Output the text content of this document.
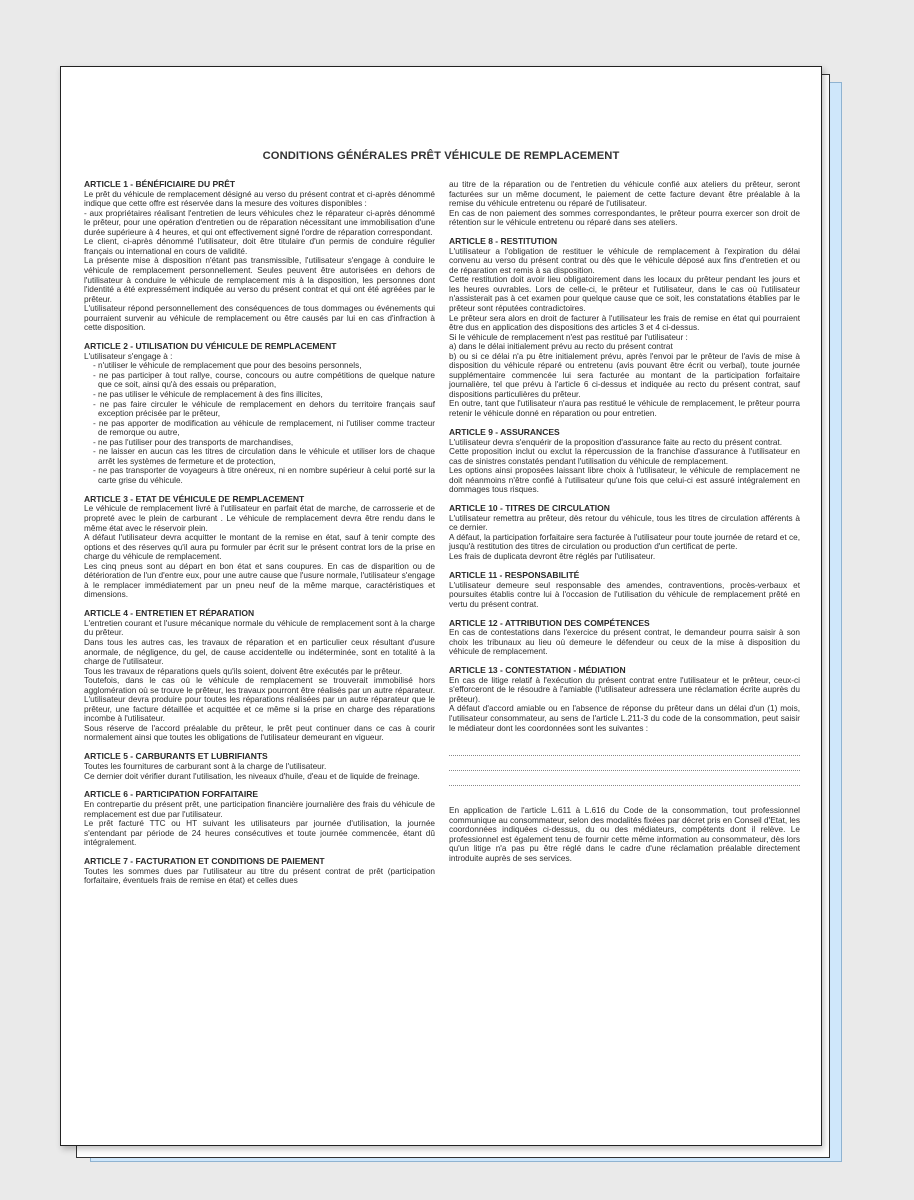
CONDITIONS GÉNÉRALES PRÊT VÉHICULE DE REMPLACEMENT
ARTICLE 1 - BÉNÉFICIAIRE DU PRÊT

Le prêt du véhicule de remplacement désigné au verso du présent contrat et ci-après dénommé indique que cette offre est réservée dans la mesure des voitures disponibles :

- aux propriétaires réalisant l'entretien de leurs véhicules chez le réparateur ci-après dénommé le prêteur, pour une opération d'entretien ou de réparation nécessitant une immobilisation d'une durée supérieure à 4 heures, et qui ont effectivement signé l'ordre de réparation correspondant.

Le client, ci-après dénommé l'utilisateur, doit être titulaire d'un permis de conduire régulier français ou international en cours de validité.

La présente mise à disposition n'étant pas transmissible, l'utilisateur s'engage à conduire le véhicule de remplacement personnellement. Seules peuvent être autorisées en dehors de l'utilisateur à conduire le véhicule de remplacement mis à la disposition, les personnes dont l'identité a été expressément indiquée au verso du présent contrat et qui ont été agréées par le prêteur.

L'utilisateur répond personnellement des conséquences de tous dommages ou événements qui pourraient survenir au véhicule de remplacement ou être causés par lui en cas d'infraction à cette disposition.

ARTICLE 2 - UTILISATION DU VÉHICULE DE REMPLACEMENT

L'utilisateur s'engage à :

- n'utiliser le véhicule de remplacement que pour des besoins personnels,
- ne pas participer à tout rallye, course, concours ou autre compétitions de quelque nature que ce soit, ainsi qu'à des essais ou préparation,
- ne pas utiliser le véhicule de remplacement à des fins illicites,
- ne pas faire circuler le véhicule de remplacement en dehors du territoire français sauf exception précisée par le prêteur,
- ne pas apporter de modification au véhicule de remplacement, ni l'utiliser comme tracteur de remorque ou autre,
- ne pas l'utiliser pour des transports de marchandises,
- ne laisser en aucun cas les titres de circulation dans le véhicule et utiliser lors de chaque arrêt les systèmes de fermeture et de protection,
- ne pas transporter de voyageurs à titre onéreux, ni en nombre supérieur à celui porté sur la carte grise du véhicule.
ARTICLE 3 - ETAT DE VÉHICULE DE REMPLACEMENT

Le véhicule de remplacement livré à l'utilisateur en parfait état de marche, de carrosserie et de propreté avec le plein de carburant . Le véhicule de remplacement devra être rendu dans le même état avec le réservoir plein.

A défaut l'utilisateur devra acquitter le montant de la remise en état, sauf à tenir compte des options et des réserves qu'il aura pu formuler par écrit sur le présent contrat lors de la prise en charge du véhicule de remplacement.

Les cinq pneus sont au départ en bon état et sans coupures. En cas de disparition ou de détérioration de l'un d'entre eux, pour une autre cause que l'usure normale, l'utilisateur s'engage à le remplacer immédiatement par un pneu neuf de la même marque, caractéristiques et dimensions.

ARTICLE 4 - ENTRETIEN ET RÉPARATION

L'entretien courant et l'usure mécanique normale du véhicule de remplacement sont à la charge du prêteur.

Dans tous les autres cas, les travaux de réparation et en particulier ceux résultant d'usure anormale, de négligence, du gel, de cause accidentelle ou indéterminée, sont en totalité à la charge de l'utilisateur.

Tous les travaux de réparations quels qu'ils soient, doivent être exécutés par le prêteur.

Toutefois, dans le cas où le véhicule de remplacement se trouverait immobilisé hors agglomération où se trouve le prêteur, les travaux pourront être réalisés par un autre réparateur. L'utilisateur devra produire pour toutes les réparations réalisées par un autre réparateur que le prêteur, une facture détaillée et acquittée et ce même si la prise en charge des réparations incombe à l'utilisateur.

Sous réserve de l'accord préalable du prêteur, le prêt peut continuer dans ce cas à courir normalement ainsi que toutes les obligations de l'utilisateur demeurant en vigueur.

ARTICLE 5 - CARBURANTS ET LUBRIFIANTS

Toutes les fournitures de carburant sont à la charge de l'utilisateur.

Ce dernier doit vérifier durant l'utilisation, les niveaux d'huile, d'eau et de liquide de freinage.

ARTICLE 6 - PARTICIPATION FORFAITAIRE

En contrepartie du présent prêt, une participation financière journalière des frais du véhicule de remplacement est due par l'utilisateur.

Le prêt facturé TTC ou HT suivant les utilisateurs par journée d'utilisation, la journée s'entendant par période de 24 heures consécutives et toute journée commencée, étant dû intégralement.

ARTICLE 7 - FACTURATION ET CONDITIONS DE PAIEMENT

Toutes les sommes dues par l'utilisateur au titre du présent contrat de prêt (participation forfaitaire, éventuels frais de remise en état) et celles dues

au titre de la réparation ou de l'entretien du véhicule confié aux ateliers du prêteur, seront facturées sur un même document, le paiement de cette facture devant être préalable à la remise du véhicule entretenu ou réparé de l'utilisateur.

En cas de non paiement des sommes correspondantes, le prêteur pourra exercer son droit de rétention sur le véhicule entretenu ou réparé dans ses ateliers.

ARTICLE 8 - RESTITUTION

L'utilisateur a l'obligation de restituer le véhicule de remplacement à l'expiration du délai convenu au verso du présent contrat ou dès que le véhicule déposé aux fins d'entretien et ou de réparation est remis à sa disposition.

Cette restitution doit avoir lieu obligatoirement dans les locaux du prêteur pendant les jours et les heures ouvrables. Lors de celle-ci, le prêteur et l'utilisateur, dans le cas où l'utilisateur n'assisterait pas à cet examen pour quelque cause que ce soit, les constatations établies par le prêteur sont réputées contradictoires.

Le prêteur sera alors en droit de facturer à l'utilisateur les frais de remise en état qui pourraient être dus en application des dispositions des articles 3 et 4 ci-dessus.

Si le véhicule de remplacement n'est pas restitué par l'utilisateur :

a) dans le délai initialement prévu au recto du présent contrat

b) ou si ce délai n'a pu être initialement prévu, après l'envoi par le prêteur de l'avis de mise à disposition du véhicule réparé ou entretenu (avis pouvant être écrit ou verbal), toute journée supplémentaire commencée lui sera facturée au montant de la participation forfaitaire journalière, tel que prévu à l'article 6 ci-dessus et indiquée au recto du présent contrat, sauf dispositions particulières du prêteur.

En outre, tant que l'utilisateur n'aura pas restitué le véhicule de remplacement, le prêteur pourra retenir le véhicule donné en réparation ou pour entretien.

ARTICLE 9 - ASSURANCES

L'utilisateur devra s'enquérir de la proposition d'assurance faite au recto du présent contrat.

Cette proposition inclut ou exclut la répercussion de la franchise d'assurance à l'utilisateur en cas de sinistres constatés pendant l'utilisation du véhicule de remplacement.

Les options ainsi proposées laissant libre choix à l'utilisateur, le véhicule de remplacement ne doit néanmoins n'être confié à l'utilisateur qu'une fois que celui-ci est assuré intégralement en dommages tous risques.

ARTICLE 10 - TITRES DE CIRCULATION

L'utilisateur remettra au prêteur, dès retour du véhicule, tous les titres de circulation afférents à ce dernier.

A défaut, la participation forfaitaire sera facturée à l'utilisateur pour toute journée de retard et ce, jusqu'à restitution des titres de circulation ou production d'un certificat de perte.

Les frais de duplicata devront être réglés par l'utilisateur.

ARTICLE 11 - RESPONSABILITÉ

L'utilisateur demeure seul responsable des amendes, contraventions, procès-verbaux et poursuites établis contre lui à l'occasion de l'utilisation du véhicule de remplacement prêté en vertu du présent contrat.

ARTICLE 12 - ATTRIBUTION DES COMPÉTENCES

En cas de contestations dans l'exercice du présent contrat, le demandeur pourra saisir à son choix les tribunaux au lieu où demeure le défendeur ou ceux de la mise à disposition du véhicule de remplacement.

ARTICLE 13 - CONTESTATION - MÉDIATION

En cas de litige relatif à l'exécution du présent contrat entre l'utilisateur et le prêteur, ceux-ci s'efforceront de le résoudre à l'amiable (l'utilisateur adressera une réclamation écrite auprès du prêteur).

A défaut d'accord amiable ou en l'absence de réponse du prêteur dans un délai d'un (1) mois, l'utilisateur consommateur, au sens de l'article L.211-3 du code de la consommation, peut saisir le médiateur dont les coordonnées sont les suivantes :

En application de l'article L.611 à L.616 du Code de la consommation, tout professionnel communique au consommateur, selon des modalités fixées par décret pris en Conseil d'Etat, les coordonnées indiquées ci-dessus, du ou des médiateurs, compétents dont il relève. Le professionnel est également tenu de fournir cette même information au consommateur, dès lors qu'un litige n'a pas pu être réglé dans le cadre d'une réclamation préalable directement introduite auprès de ses services.
